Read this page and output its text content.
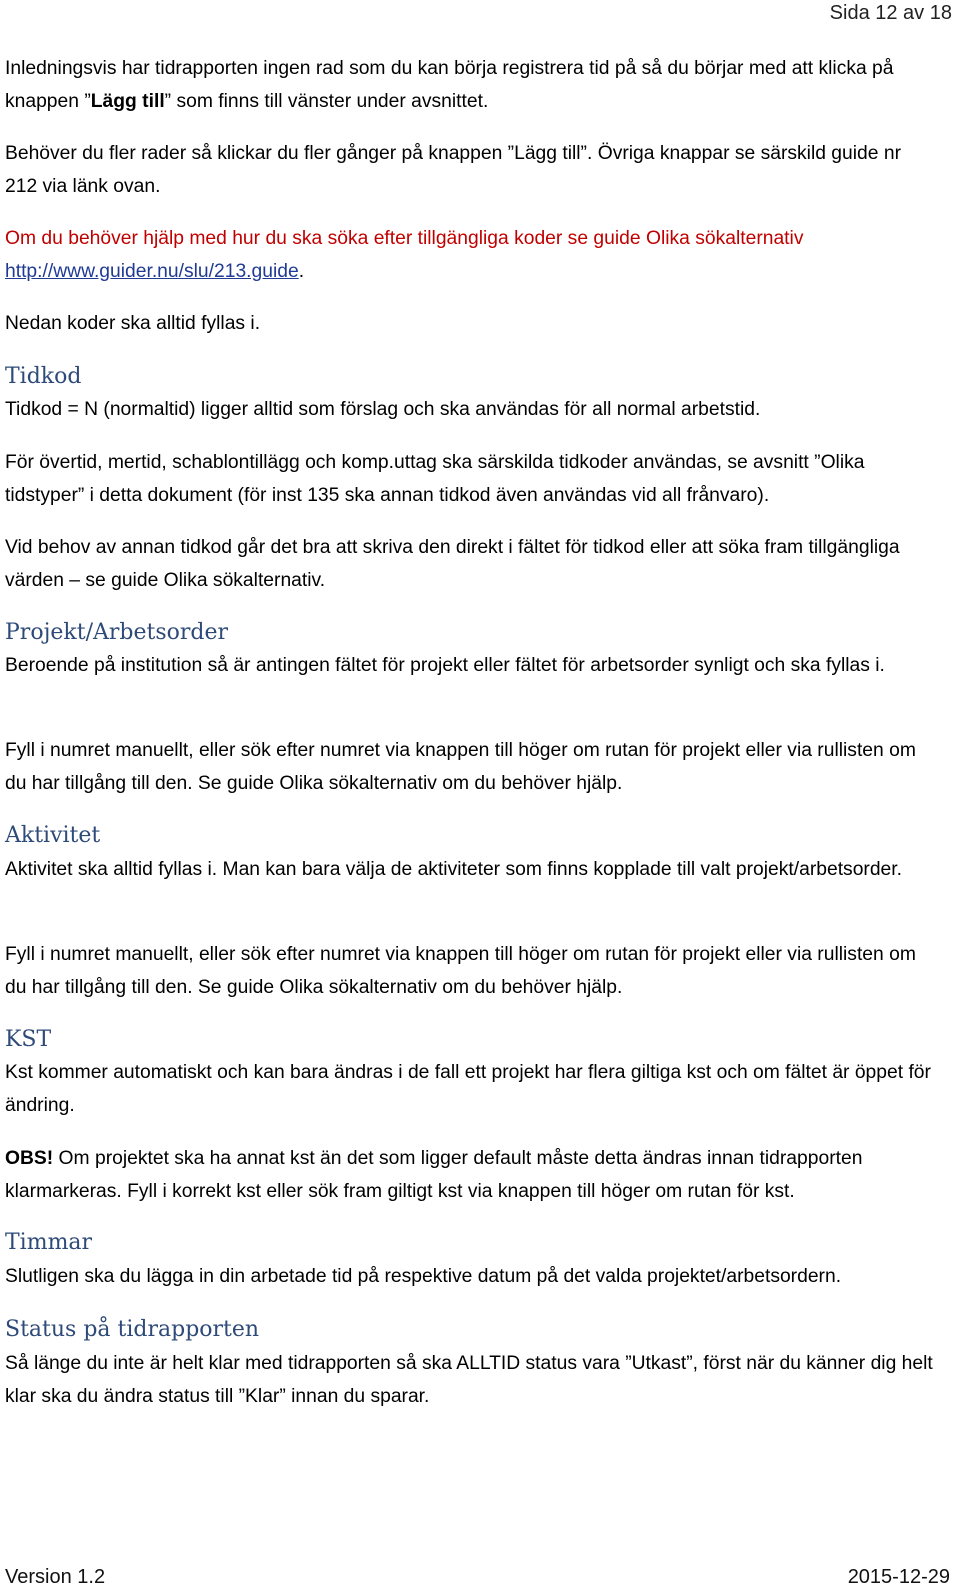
Sida 12 av 18

Inledningsvis har tidrapporten ingen rad som du kan börja registrera tid på så du börjar med att klicka på knappen ”Lägg till” som finns till vänster under avsnittet.

Behöver du fler rader så klickar du fler gånger på knappen ”Lägg till”. Övriga knappar se särskild guide nr 212 via länk ovan.

Om du behöver hjälp med hur du ska söka efter tillgängliga koder se guide Olika sökalternativ http://www.guider.nu/slu/213.guide.

Nedan koder ska alltid fyllas i.

Tidkod

Tidkod = N (normaltid) ligger alltid som förslag och ska användas för all normal arbetstid.

För övertid, mertid, schablontillägg och komp.uttag ska särskilda tidkoder användas, se avsnitt ”Olika tidstyper” i detta dokument (för inst 135 ska annan tidkod även användas vid all frånvaro).

Vid behov av annan tidkod går det bra att skriva den direkt i fältet för tidkod eller att söka fram tillgängliga värden – se guide Olika sökalternativ.

Projekt/Arbetsorder

Beroende på institution så är antingen fältet för projekt eller fältet för arbetsorder synligt och ska fyllas i.

Fyll i numret manuellt, eller sök efter numret via knappen till höger om rutan för projekt eller via rullisten om du har tillgång till den. Se guide Olika sökalternativ om du behöver hjälp.

Aktivitet

Aktivitet ska alltid fyllas i. Man kan bara välja de aktiviteter som finns kopplade till valt projekt/arbetsorder.

Fyll i numret manuellt, eller sök efter numret via knappen till höger om rutan för projekt eller via rullisten om du har tillgång till den. Se guide Olika sökalternativ om du behöver hjälp.

KST

Kst kommer automatiskt och kan bara ändras i de fall ett projekt har flera giltiga kst och om fältet är öppet för ändring.

OBS! Om projektet ska ha annat kst än det som ligger default måste detta ändras innan tidrapporten klarmarkeras. Fyll i korrekt kst eller sök fram giltigt kst via knappen till höger om rutan för kst.

Timmar

Slutligen ska du lägga in din arbetade tid på respektive datum på det valda projektet/arbetsordern.

Status på tidrapporten

Så länge du inte är helt klar med tidrapporten så ska ALLTID status vara ”Utkast”, först när du känner dig helt klar ska du ändra status till ”Klar” innan du sparar.

Version 1.2	2015-12-29
